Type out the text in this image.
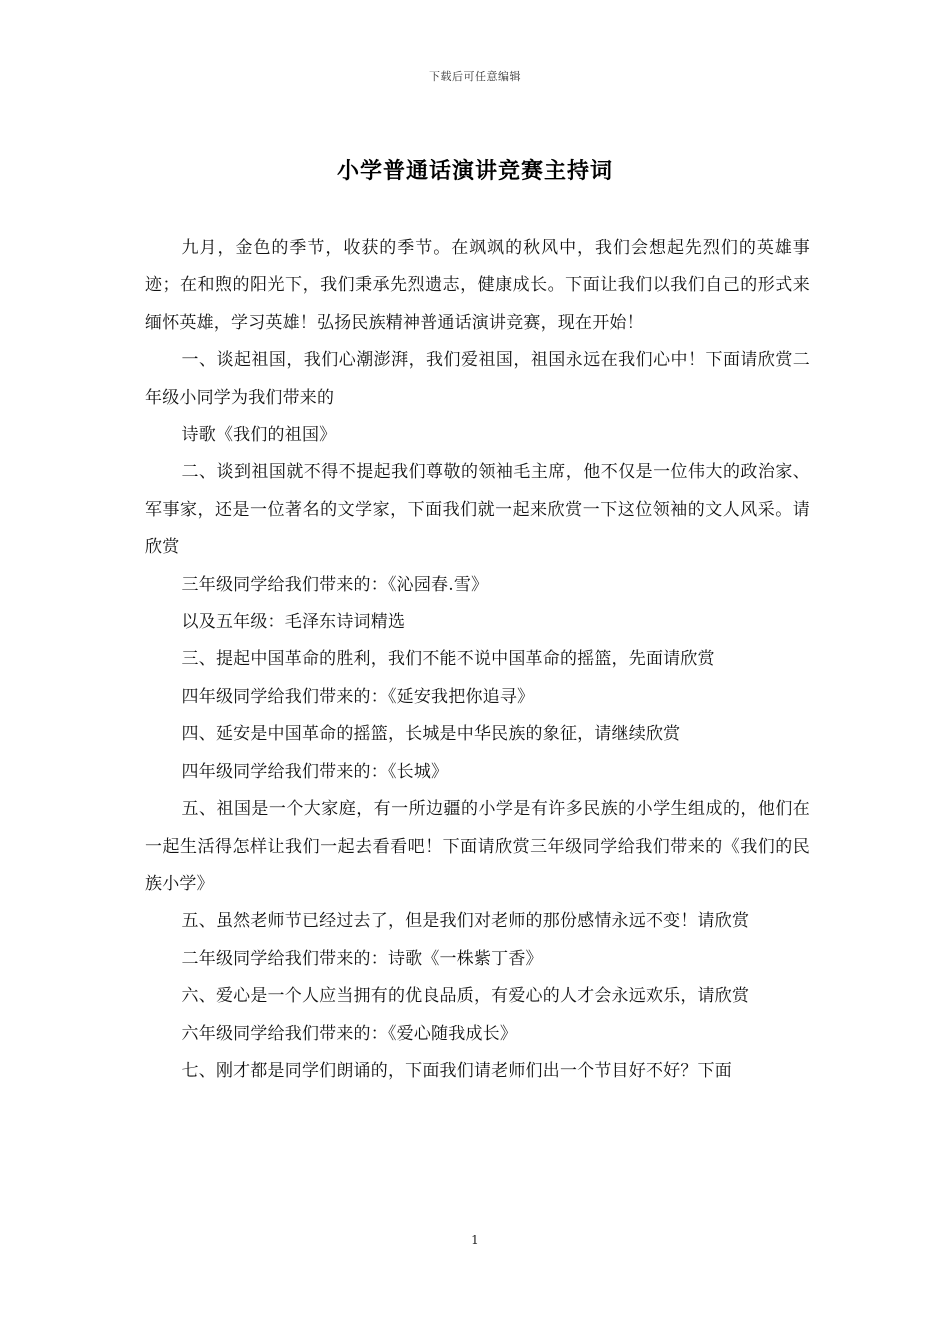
下载后可任意编辑
小学普通话演讲竞赛主持词

九月，金色的季节，收获的季节。在飒飒的秋风中，我们会想起先烈们的英雄事迹；在和煦的阳光下，我们秉承先烈遗志，健康成长。下面让我们以我们自己的形式来缅怀英雄，学习英雄！弘扬民族精神普通话演讲竞赛，现在开始！

一、谈起祖国，我们心潮澎湃，我们爱祖国，祖国永远在我们心中！下面请欣赏二年级小同学为我们带来的

诗歌《我们的祖国》

二、谈到祖国就不得不提起我们尊敬的领袖毛主席，他不仅是一位伟大的政治家、军事家，还是一位著名的文学家，下面我们就一起来欣赏一下这位领袖的文人风采。请欣赏

三年级同学给我们带来的：《沁园春.雪》

以及五年级：毛泽东诗词精选

三、提起中国革命的胜利，我们不能不说中国革命的摇篮，先面请欣赏

四年级同学给我们带来的：《延安我把你追寻》

四、延安是中国革命的摇篮，长城是中华民族的象征，请继续欣赏

四年级同学给我们带来的：《长城》

五、祖国是一个大家庭，有一所边疆的小学是有许多民族的小学生组成的，他们在一起生活得怎样让我们一起去看看吧！下面请欣赏三年级同学给我们带来的《我们的民族小学》

五、虽然老师节已经过去了，但是我们对老师的那份感情永远不变！请欣赏

二年级同学给我们带来的：诗歌《一株紫丁香》

六、爱心是一个人应当拥有的优良品质，有爱心的人才会永远欢乐，请欣赏

六年级同学给我们带来的：《爱心随我成长》

七、刚才都是同学们朗诵的，下面我们请老师们出一个节目好不好？下面

1
